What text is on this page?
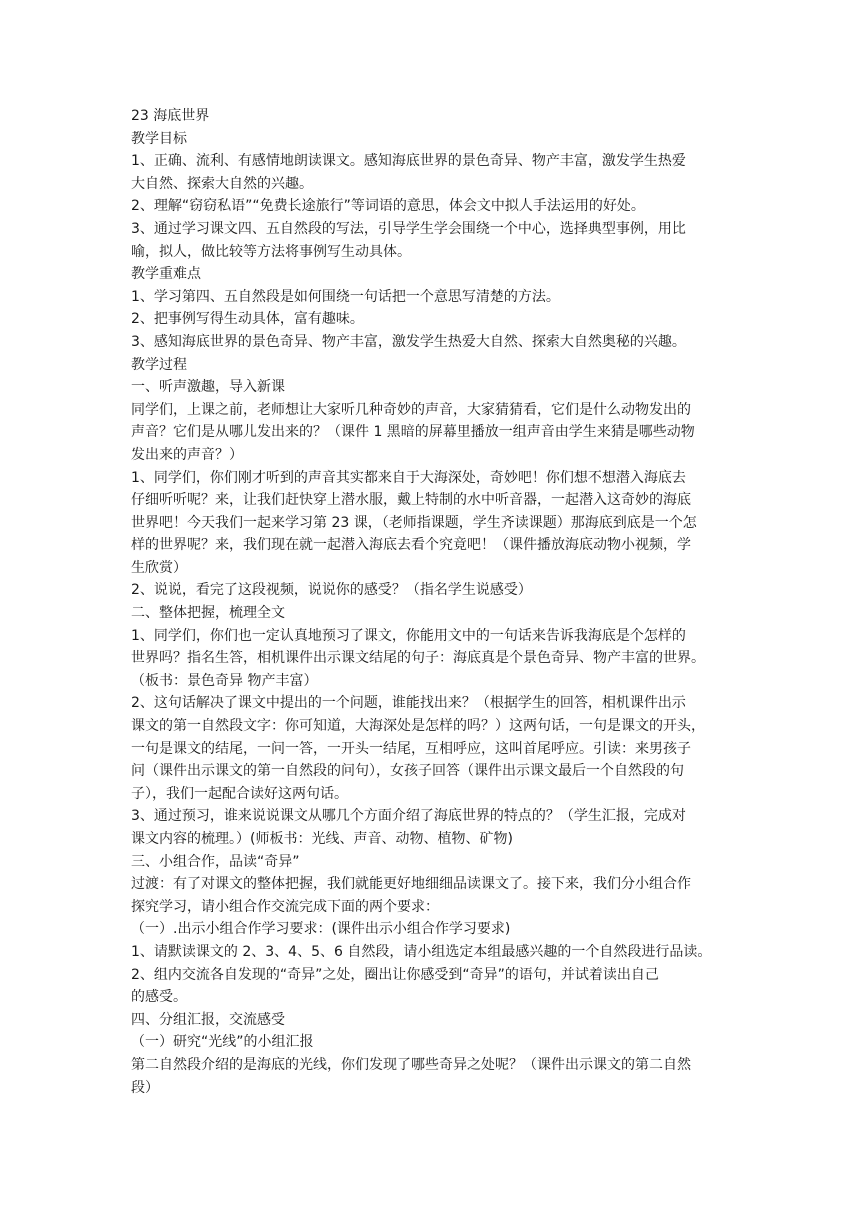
23 海底世界
教学目标
1、正确、流利、有感情地朗读课文。感知海底世界的景色奇异、物产丰富，激发学生热爱
大自然、探索大自然的兴趣。
2、理解“窃窃私语”“免费长途旅行”等词语的意思，体会文中拟人手法运用的好处。
3、通过学习课文四、五自然段的写法，引导学生学会围绕一个中心，选择典型事例，用比
喻，拟人，做比较等方法将事例写生动具体。
教学重难点
1、学习第四、五自然段是如何围绕一句话把一个意思写清楚的方法。
2、把事例写得生动具体，富有趣味。
3、感知海底世界的景色奇异、物产丰富，激发学生热爱大自然、探索大自然奥秘的兴趣。
教学过程
一、听声激趣，导入新课
同学们，上课之前，老师想让大家听几种奇妙的声音，大家猜猜看，它们是什么动物发出的
声音？它们是从哪儿发出来的？（课件 1 黑暗的屏幕里播放一组声音由学生来猜是哪些动物
发出来的声音？）
1、同学们，你们刚才听到的声音其实都来自于大海深处，奇妙吧！你们想不想潜入海底去
仔细听听呢？来，让我们赶快穿上潜水服，戴上特制的水中听音器，一起潜入这奇妙的海底
世界吧！今天我们一起来学习第 23 课，（老师指课题，学生齐读课题）那海底到底是一个怎
样的世界呢？来，我们现在就一起潜入海底去看个究竟吧！（课件播放海底动物小视频，学
生欣赏）
2、说说，看完了这段视频，说说你的感受？（指名学生说感受）
二、整体把握，梳理全文
1、同学们，你们也一定认真地预习了课文，你能用文中的一句话来告诉我海底是个怎样的
世界吗？指名生答，相机课件出示课文结尾的句子：海底真是个景色奇异、物产丰富的世界。
（板书：景色奇异 物产丰富）
2、这句话解决了课文中提出的一个问题，谁能找出来？（根据学生的回答，相机课件出示
课文的第一自然段文字：你可知道，大海深处是怎样的吗？）这两句话，一句是课文的开头，
一句是课文的结尾，一问一答，一开头一结尾，互相呼应，这叫首尾呼应。引读：来男孩子
问（课件出示课文的第一自然段的问句），女孩子回答（课件出示课文最后一个自然段的句
子），我们一起配合读好这两句话。
3、通过预习，谁来说说课文从哪几个方面介绍了海底世界的特点的？（学生汇报，完成对
课文内容的梳理。）(师板书：光线、声音、动物、植物、矿物)
三、小组合作，品读“奇异”
过渡：有了对课文的整体把握，我们就能更好地细细品读课文了。接下来，我们分小组合作
探究学习，请小组合作交流完成下面的两个要求：
（一）.出示小组合作学习要求：(课件出示小组合作学习要求)
1、请默读课文的 2、3、4、5、6 自然段，请小组选定本组最感兴趣的一个自然段进行品读。
2、组内交流各自发现的“奇异”之处，圈出让你感受到“奇异”的语句，并试着读出自己
的感受。
四、分组汇报，交流感受
（一）研究“光线”的小组汇报
第二自然段介绍的是海底的光线，你们发现了哪些奇异之处呢？（课件出示课文的第二自然
段）
